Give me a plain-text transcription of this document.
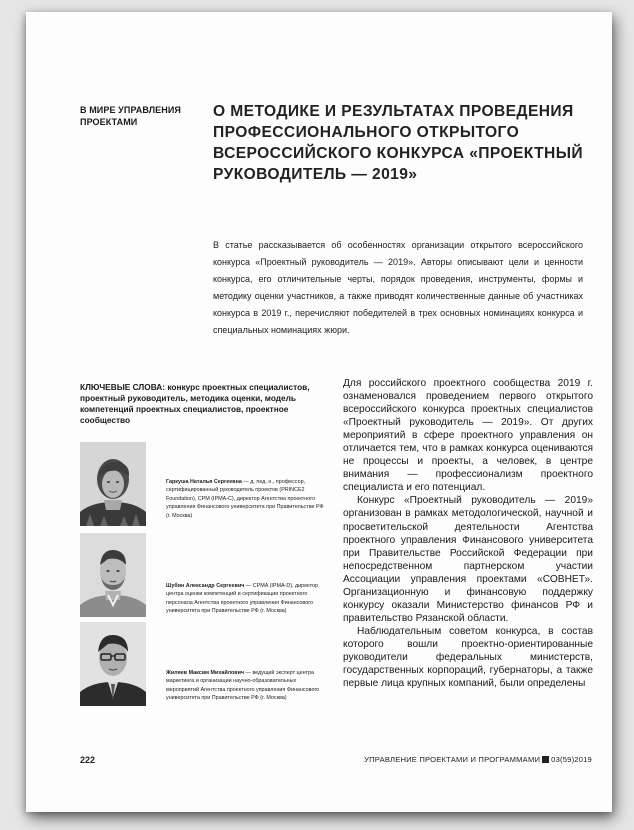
В МИРЕ УПРАВЛЕНИЯ
ПРОЕКТАМИ
О МЕТОДИКЕ И РЕЗУЛЬТАТАХ ПРОВЕДЕНИЯ ПРОФЕССИОНАЛЬНОГО ОТКРЫТОГО ВСЕРОССИЙСКОГО КОНКУРСА «ПРОЕКТНЫЙ РУКОВОДИТЕЛЬ — 2019»

В статье рассказывается об особенностях организации открытого всероссийского конкурса «Проектный руководитель — 2019». Авторы описывают цели и ценности конкурса, его отличительные черты, порядок проведения, инструменты, формы и методику оценки участников, а также приводят количественные данные об участниках конкурса в 2019 г., перечисляют победителей в трех основных номинациях конкурса и специальных номинациях жюри.

КЛЮЧЕВЫЕ СЛОВА: конкурс проектных специалистов, проектный руководитель, методика оценки, модель компетенций проектных специалистов, проектное сообщество

Гаркуша Наталья Сергеевна — д. пед. н., профессор, сертифицированный руководитель проектов (PRINCE2 Foundation), CPM (IPMA-C), директор Агентства проектного управления Финансового университета при Правительстве РФ (г. Москва)

Шубин Александр Сергеевич — CPMA (IPMA-D), директор центра оценки компетенций и сертификации проектного персонала Агентства проектного управления Финансового университета при Правительстве РФ (г. Москва)

Жиляев Максим Михайлович — ведущий эксперт центра маркетинга и организации научно-образовательных мероприятий Агентства проектного управления Финансового университета при Правительстве РФ (г. Москва)

Для российского проектного сообщества 2019 г. ознаменовался проведением первого открытого всероссийского конкурса проектных специалистов «Проектный руководитель — 2019». От других мероприятий в сфере проектного управления он отличается тем, что в рамках конкурса оцениваются не процессы и проекты, а человек, в центре внимания — профессионализм проектного специалиста и его потенциал.

Конкурс «Проектный руководитель — 2019» организован в рамках методологической, научной и просветительской деятельности Агентства проектного управления Финансового университета при Правительстве Российской Федерации при непосредственном партнерском участии Ассоциации управления проектами «СОВНЕТ». Организационную и финансовую поддержку конкурсу оказали Министерство финансов РФ и правительство Рязанской области.

Наблюдательным советом конкурса, в состав которого вошли проектно-ориентированные руководители федеральных министерств, государственных корпораций, губернаторы, а также первые лица крупных компаний, были определены

222	УПРАВЛЕНИЕ ПРОЕКТАМИ И ПРОГРАММАМИ 03(59)2019
